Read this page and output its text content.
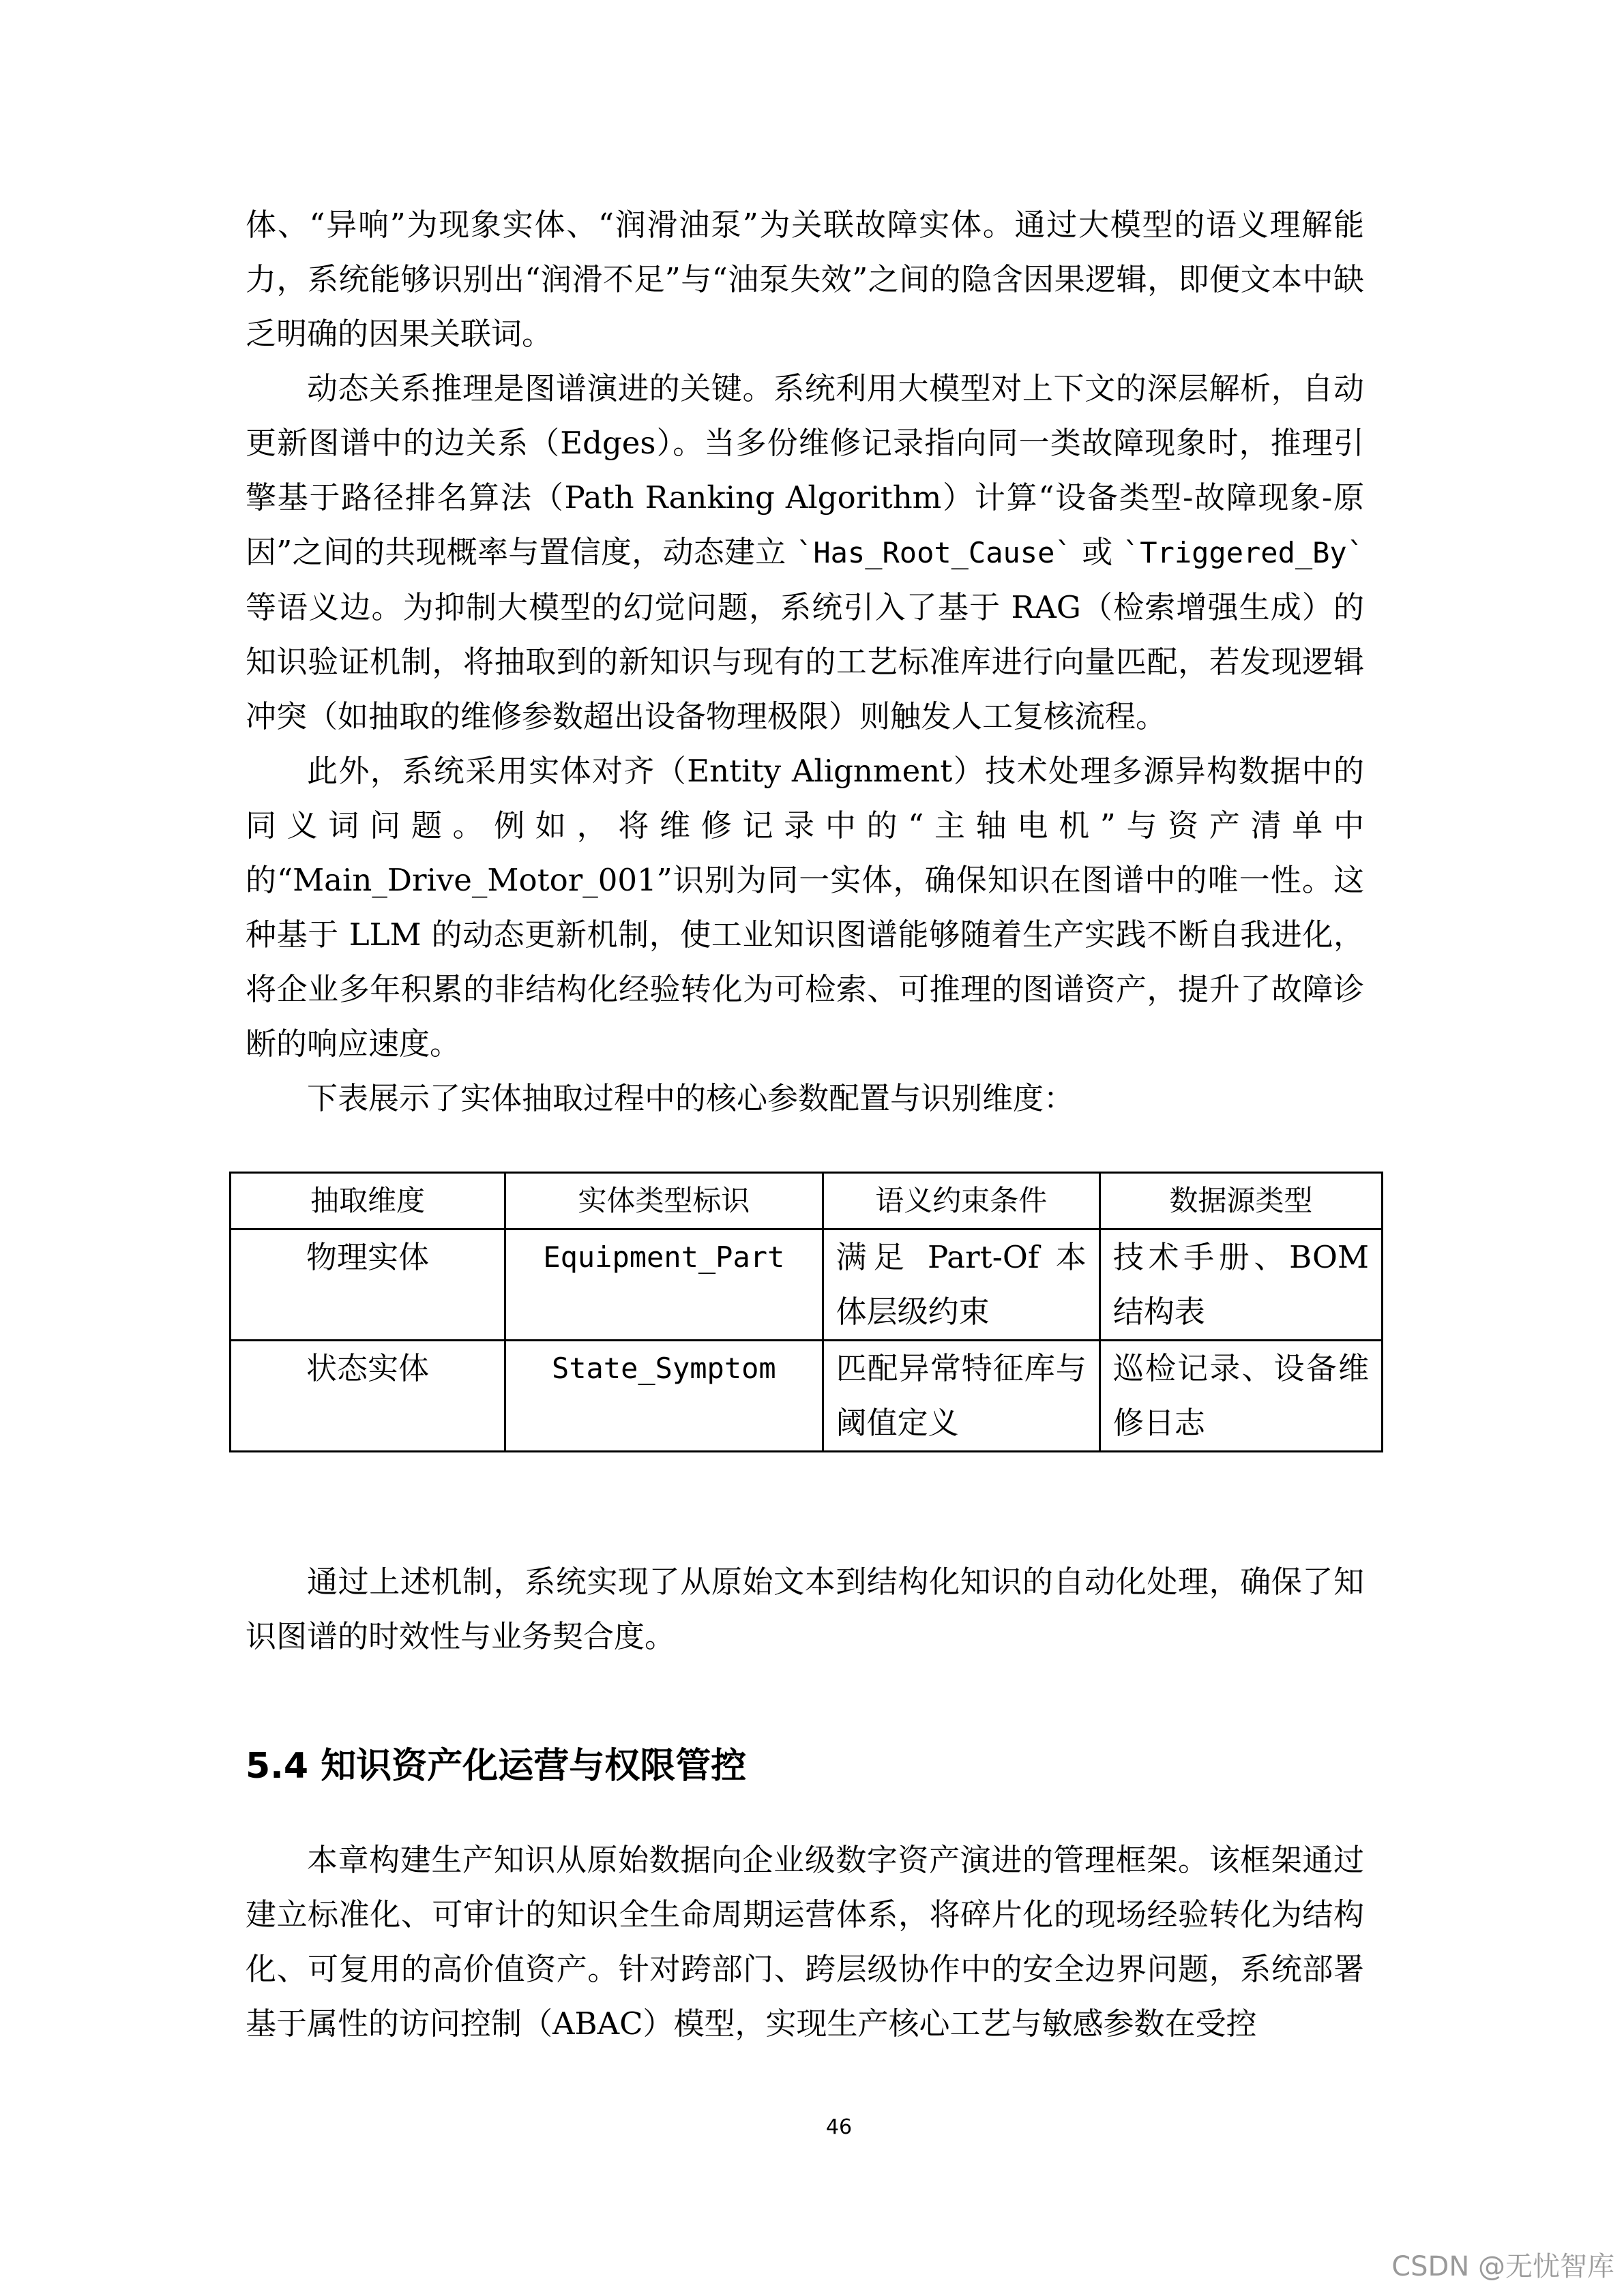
体、“异响”为现象实体、“润滑油泵”为关联故障实体。通过大模型的语义理解能力，系统能够识别出“润滑不足”与“油泵失效”之间的隐含因果逻辑，即便文本中缺乏明确的因果关联词。

动态关系推理是图谱演进的关键。系统利用大模型对上下文的深层解析，自动更新图谱中的边关系（Edges）。当多份维修记录指向同一类故障现象时，推理引擎基于路径排名算法（Path Ranking Algorithm）计算“设备类型-故障现象-原因”之间的共现概率与置信度，动态建立 `Has_Root_Cause` 或 `Triggered_By` 等语义边。为抑制大模型的幻觉问题，系统引入了基于 RAG（检索增强生成）的知识验证机制，将抽取到的新知识与现有的工艺标准库进行向量匹配，若发现逻辑冲突（如抽取的维修参数超出设备物理极限）则触发人工复核流程。

此外，系统采用实体对齐（Entity Alignment）技术处理多源异构数据中的同义词问题。例如，将维修记录中的“主轴电机”与资产清单中的“Main_Drive_Motor_001”识别为同一实体，确保知识在图谱中的唯一性。这种基于 LLM 的动态更新机制，使工业知识图谱能够随着生产实践不断自我进化，将企业多年积累的非结构化经验转化为可检索、可推理的图谱资产，提升了故障诊断的响应速度。

下表展示了实体抽取过程中的核心参数配置与识别维度：

抽取维度	实体类型标识	语义约束条件	数据源类型
物理实体	Equipment_Part	满足 Part-Of 本体层级约束	技术手册、BOM 结构表
状态实体	State_Symptom	匹配异常特征库与阈值定义	巡检记录、设备维修日志

通过上述机制，系统实现了从原始文本到结构化知识的自动化处理，确保了知识图谱的时效性与业务契合度。

5.4 知识资产化运营与权限管控

本章构建生产知识从原始数据向企业级数字资产演进的管理框架。该框架通过建立标准化、可审计的知识全生命周期运营体系，将碎片化的现场经验转化为结构化、可复用的高价值资产。针对跨部门、跨层级协作中的安全边界问题，系统部署基于属性的访问控制（ABAC）模型，实现生产核心工艺与敏感参数在受控

46
CSDN @无忧智库
